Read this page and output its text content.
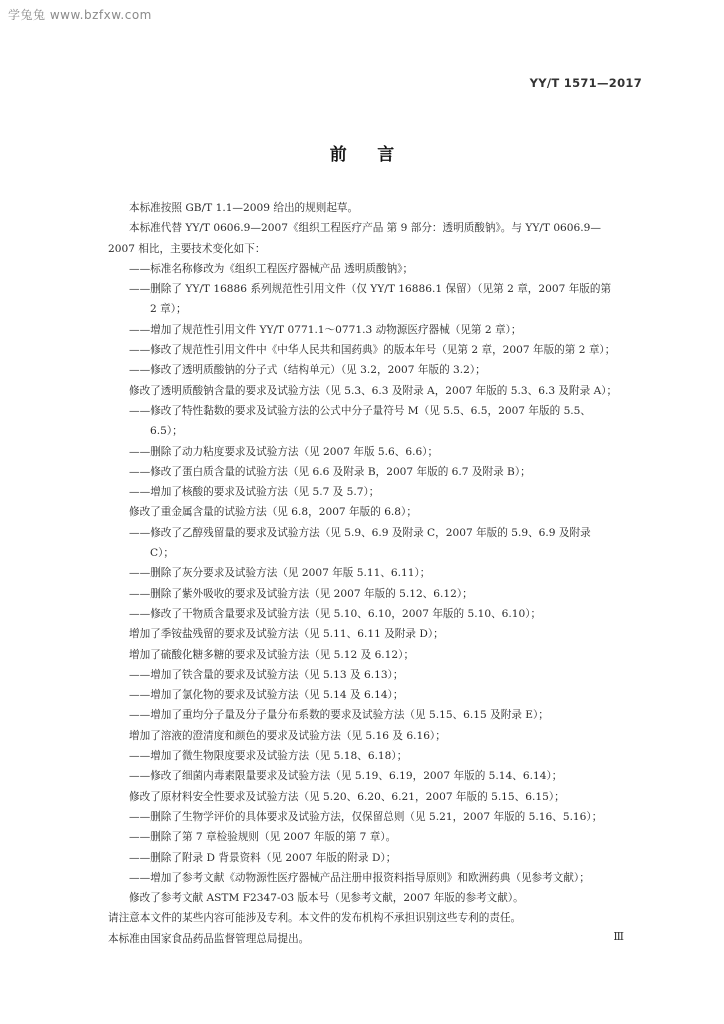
学兔兔 www.bzfxw.com
YY/T 1571—2017
前言

本标准按照 GB/T 1.1—2009 给出的规则起草。

本标准代替 YY/T 0606.9—2007《组织工程医疗产品 第 9 部分：透明质酸钠》。与 YY/T 0606.9—2007 相比，主要技术变化如下：

——标准名称修改为《组织工程医疗器械产品 透明质酸钠》；

——删除了 YY/T 16886 系列规范性引用文件（仅 YY/T 16886.1 保留）（见第 2 章，2007 年版的第 2 章）；

——增加了规范性引用文件 YY/T 0771.1～0771.3 动物源医疗器械（见第 2 章）；

——修改了规范性引用文件中《中华人民共和国药典》的版本年号（见第 2 章，2007 年版的第 2 章）；

——修改了透明质酸钠的分子式（结构单元）（见 3.2，2007 年版的 3.2）；

修改了透明质酸钠含量的要求及试验方法（见 5.3、6.3 及附录 A，2007 年版的 5.3、6.3 及附录 A）；

——修改了特性黏数的要求及试验方法的公式中分子量符号 M（见 5.5、6.5，2007 年版的 5.5、6.5）；

——删除了动力粘度要求及试验方法（见 2007 年版 5.6、6.6）；

——修改了蛋白质含量的试验方法（见 6.6 及附录 B，2007 年版的 6.7 及附录 B）；

——增加了核酸的要求及试验方法（见 5.7 及 5.7）；

修改了重金属含量的试验方法（见 6.8，2007 年版的 6.8）；

——修改了乙醇残留量的要求及试验方法（见 5.9、6.9 及附录 C，2007 年版的 5.9、6.9 及附录 C）；

——删除了灰分要求及试验方法（见 2007 年版 5.11、6.11）；

——删除了紫外吸收的要求及试验方法（见 2007 年版的 5.12、6.12）；

——修改了干物质含量要求及试验方法（见 5.10、6.10，2007 年版的 5.10、6.10）；

增加了季铵盐残留的要求及试验方法（见 5.11、6.11 及附录 D）；

增加了硫酸化糖多糖的要求及试验方法（见 5.12 及 6.12）；

——增加了铁含量的要求及试验方法（见 5.13 及 6.13）；

——增加了氯化物的要求及试验方法（见 5.14 及 6.14）；

——增加了重均分子量及分子量分布系数的要求及试验方法（见 5.15、6.15 及附录 E）；

增加了溶液的澄清度和颜色的要求及试验方法（见 5.16 及 6.16）；

——增加了微生物限度要求及试验方法（见 5.18、6.18）；

——修改了细菌内毒素限量要求及试验方法（见 5.19、6.19，2007 年版的 5.14、6.14）；

修改了原材料安全性要求及试验方法（见 5.20、6.20、6.21，2007 年版的 5.15、6.15）；

——删除了生物学评价的具体要求及试验方法，仅保留总则（见 5.21，2007 年版的 5.16、5.16）；

——删除了第 7 章检验规则（见 2007 年版的第 7 章）。

——删除了附录 D 背景资料（见 2007 年版的附录 D）；

——增加了参考文献《动物源性医疗器械产品注册申报资料指导原则》和欧洲药典（见参考文献）；

修改了参考文献 ASTM F2347-03 版本号（见参考文献，2007 年版的参考文献）。

请注意本文件的某些内容可能涉及专利。本文件的发布机构不承担识别这些专利的责任。

本标准由国家食品药品监督管理总局提出。	Ⅲ
